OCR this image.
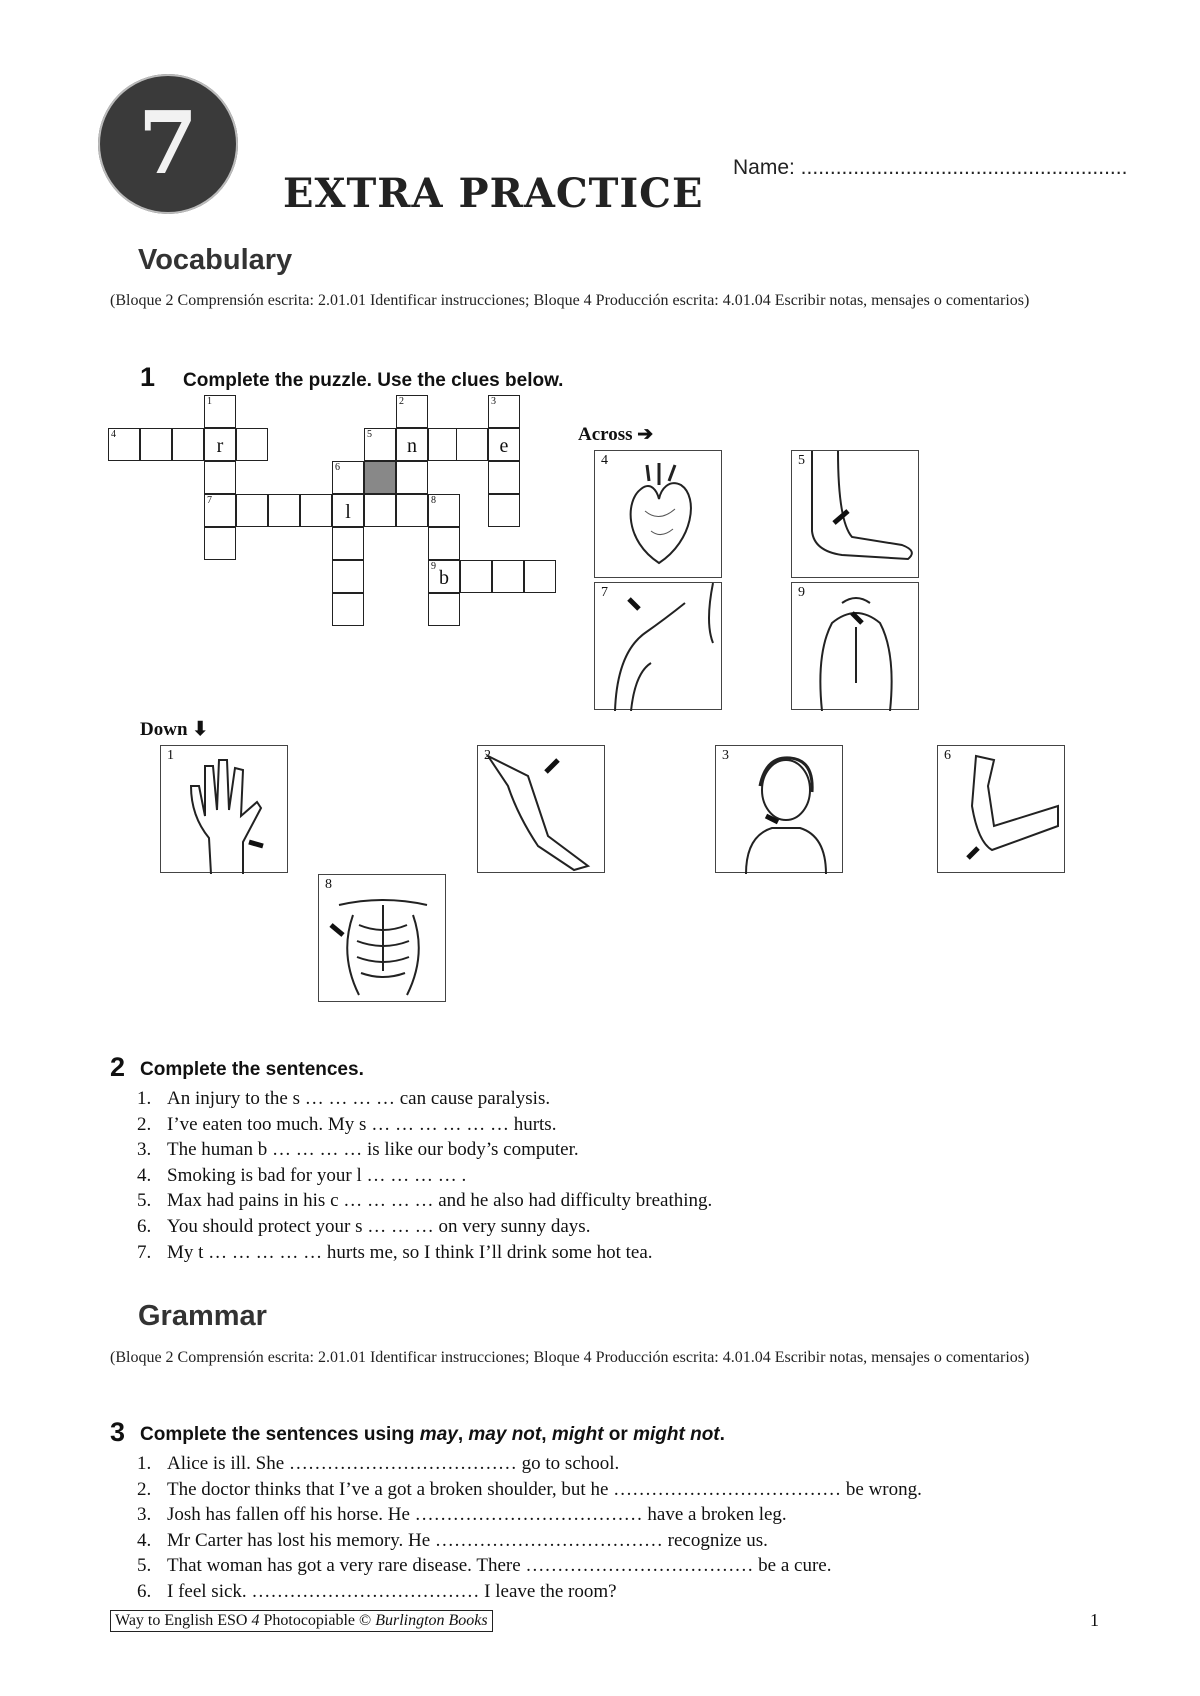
7	EXTRA PRACTICE
Name: ........................................................
Vocabulary
(Bloque 2 Comprensión escrita: 2.01.01 Identificar instrucciones; Bloque 4 Producción escrita: 4.01.04 Escribir notas, mensajes o comentarios)
1 Complete the puzzle. Use the clues below.
1	2	3
4
r
5
n	e
6
7
l
8
9
b
Across ➔
4	5
7	9
Down ⬇
1	2	3	6
8
2 Complete the sentences.
1. An injury to the s … … … … can cause paralysis.
2. I’ve eaten too much. My s … … … … … … hurts.
3. The human b … … … … is like our body’s computer.
4. Smoking is bad for your l … … … … .
5. Max had pains in his c … … … … and he also had difficulty breathing.
6. You should protect your s … … … on very sunny days.
7. My t … … … … … hurts me, so I think I’ll drink some hot tea.
Grammar
(Bloque 2 Comprensión escrita: 2.01.01 Identificar instrucciones; Bloque 4 Producción escrita: 4.01.04 Escribir notas, mensajes o comentarios)
3 Complete the sentences using may, may not, might or might not.
1. Alice is ill. She ……………………………… go to school.
2. The doctor thinks that I’ve a got a broken shoulder, but he ……………………………… be wrong.
3. Josh has fallen off his horse. He ……………………………… have a broken leg.
4. Mr Carter has lost his memory. He ……………………………… recognize us.
5. That woman has got a very rare disease. There ……………………………… be a cure.
6. I feel sick. ……………………………… I leave the room?
Way to English ESO 4 Photocopiable © Burlington Books	1
